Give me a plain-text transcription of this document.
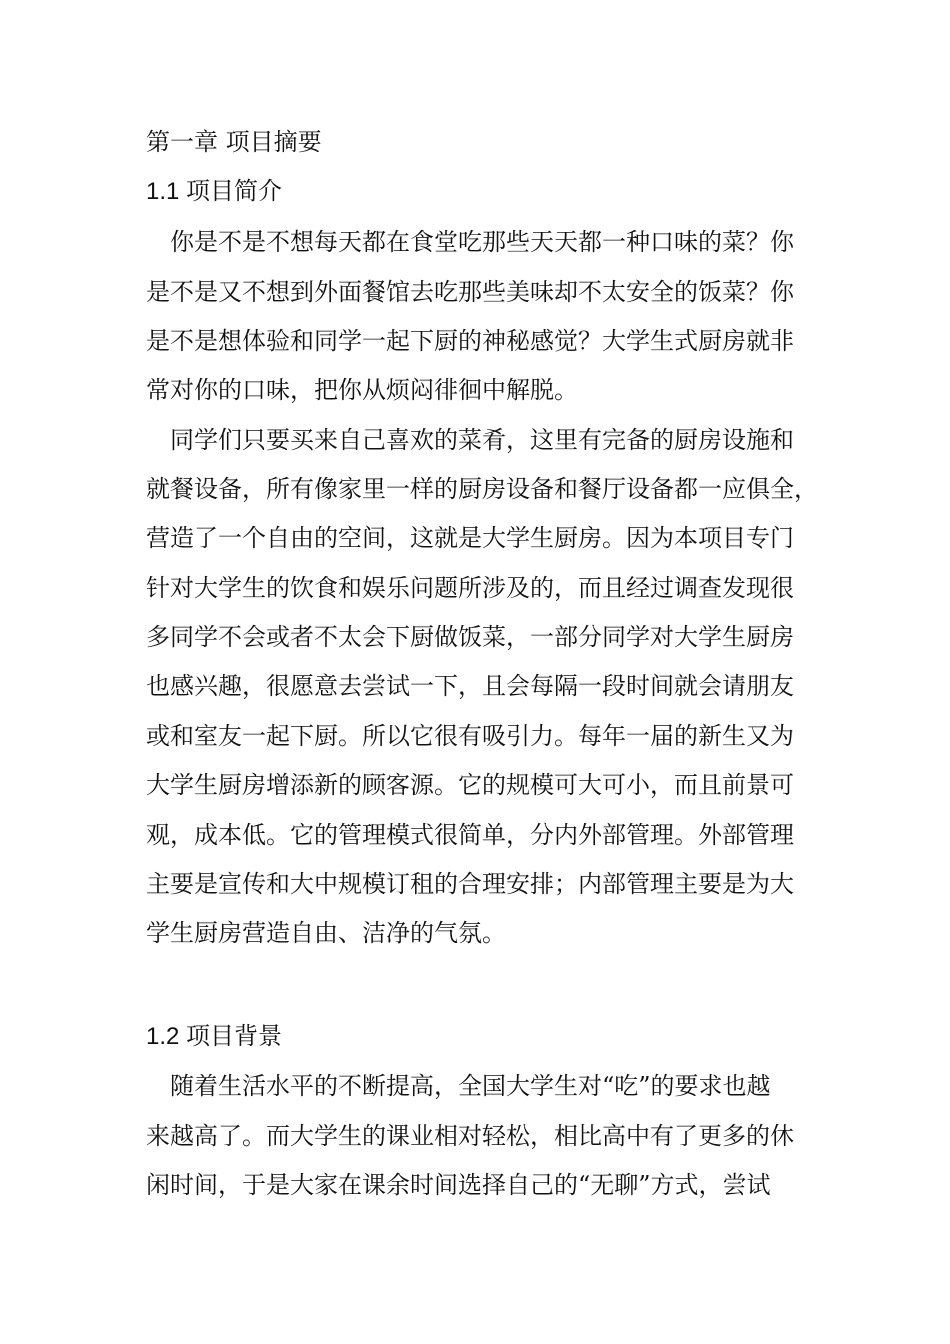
第一章 项目摘要
1.1 项目简介
你是不是不想每天都在食堂吃那些天天都一种口味的菜？你
是不是又不想到外面餐馆去吃那些美味却不太安全的饭菜？你
是不是想体验和同学一起下厨的神秘感觉？大学生式厨房就非
常对你的口味，把你从烦闷徘徊中解脱。
同学们只要买来自己喜欢的菜肴，这里有完备的厨房设施和
就餐设备，所有像家里一样的厨房设备和餐厅设备都一应俱全，
营造了一个自由的空间，这就是大学生厨房。因为本项目专门
针对大学生的饮食和娱乐问题所涉及的，而且经过调查发现很
多同学不会或者不太会下厨做饭菜，一部分同学对大学生厨房
也感兴趣，很愿意去尝试一下，且会每隔一段时间就会请朋友
或和室友一起下厨。所以它很有吸引力。每年一届的新生又为
大学生厨房增添新的顾客源。它的规模可大可小，而且前景可
观，成本低。它的管理模式很简单，分内外部管理。外部管理
主要是宣传和大中规模订租的合理安排；内部管理主要是为大
学生厨房营造自由、洁净的气氛。
1.2 项目背景
随着生活水平的不断提高，全国大学生对“吃”的要求也越
来越高了。而大学生的课业相对轻松，相比高中有了更多的休
闲时间，于是大家在课余时间选择自己的“无聊”方式，尝试
